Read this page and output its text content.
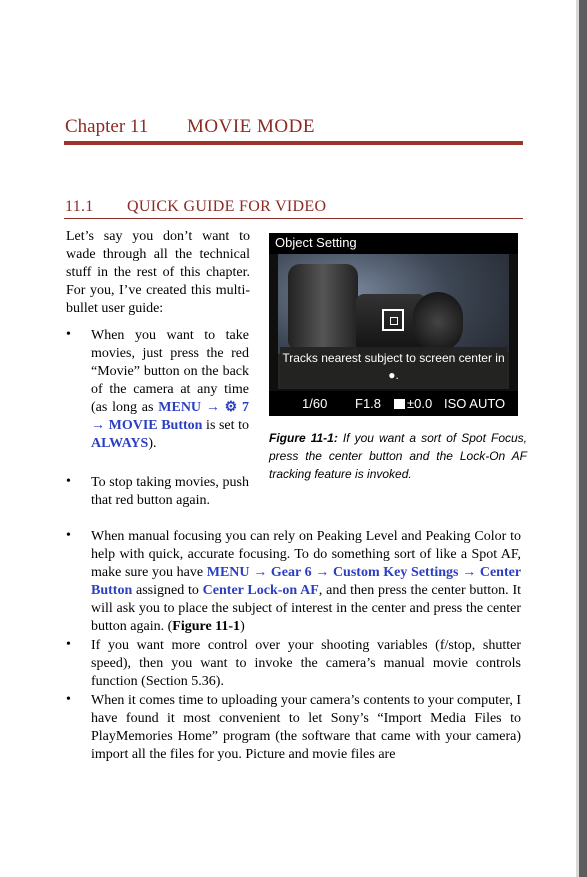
Chapter 11 MOVIE MODE
11.1 QUICK GUIDE FOR VIDEO

Let’s say you don’t want to wade through all the technical stuff in the rest of this chapter. For you, I’ve created this multi-bullet user guide:

Object Setting
Tracks nearest subject to screen center in ●.
1/60 F1.8	±0.0 ISO AUTO

Figure 11-1: If you want a sort of Spot Focus, press the center button and the Lock-On AF tracking feature is invoked.

• When you want to take movies, just press the red “Movie” button on the back of the camera at any time (as long as MENU → ⚙ 7 → MOVIE Button is set to ALWAYS).
• To stop taking movies, push that red button again.
• When manual focusing you can rely on Peaking Level and Peaking Color to help with quick, accurate focusing. To do something sort of like a Spot AF, make sure you have MENU → Gear 6 → Custom Key Settings → Center Button assigned to Center Lock-on AF, and then press the center button. It will ask you to place the subject of interest in the center and press the center button again. (Figure 11-1)
• If you want more control over your shooting variables (f/stop, shutter speed), then you want to invoke the camera’s manual movie controls function (Section 5.36).
• When it comes time to uploading your camera’s contents to your computer, I have found it most convenient to let Sony’s “Import Media Files to PlayMemories Home” program (the software that came with your camera) import all the files for you. Picture and movie files are
